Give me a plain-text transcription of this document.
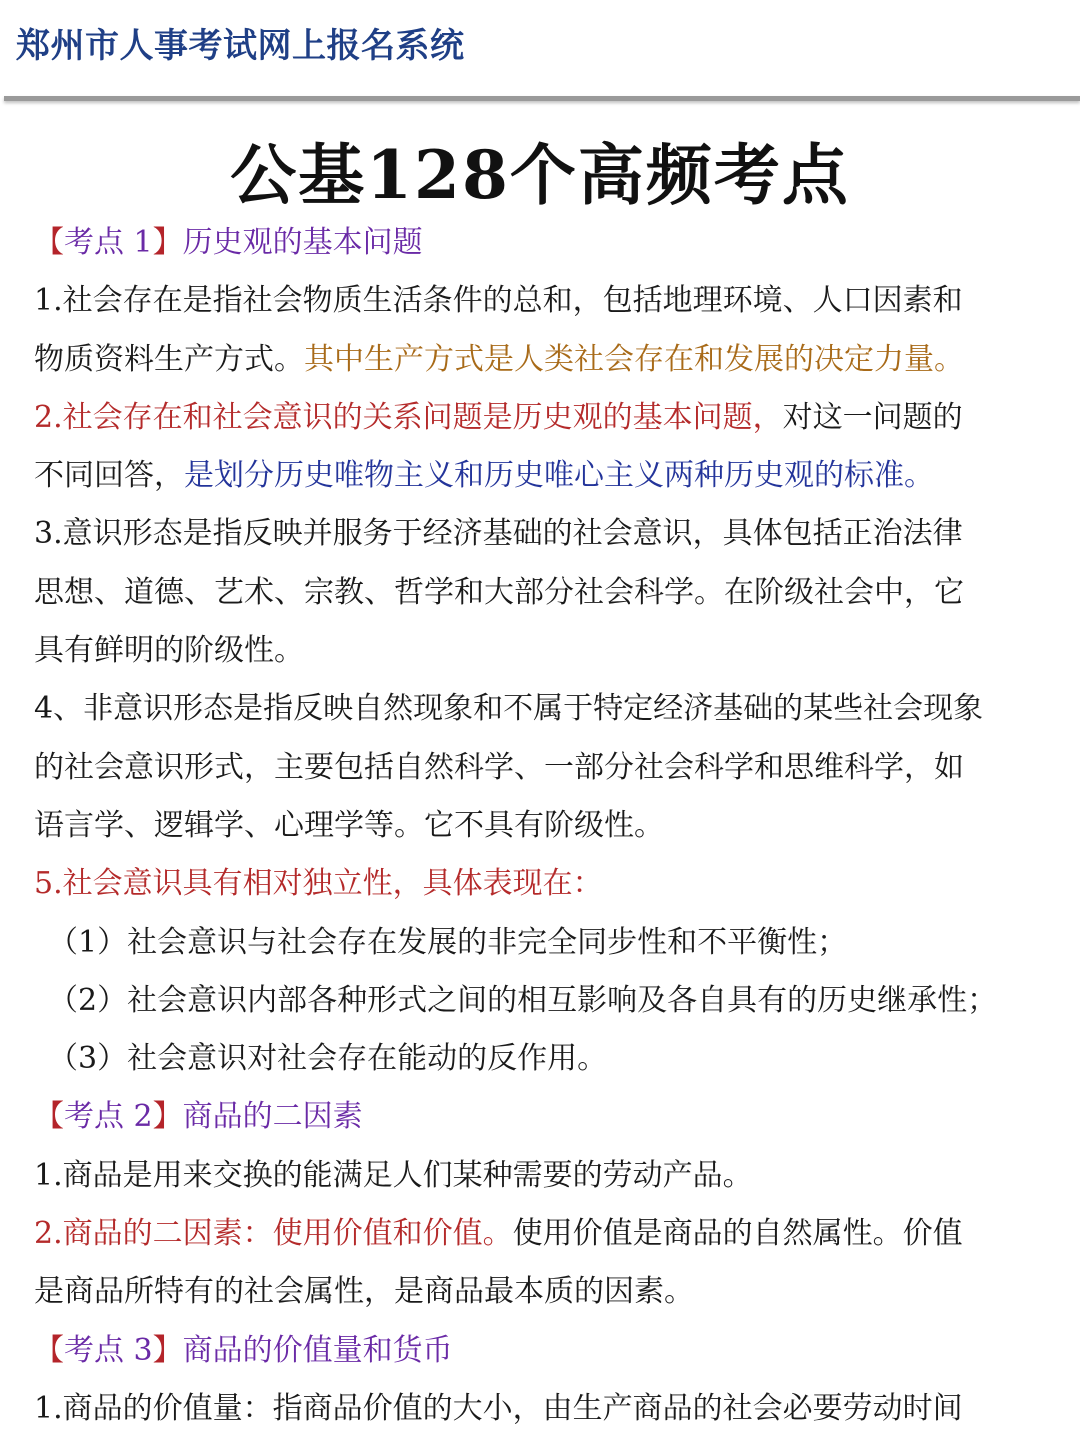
郑州市人事考试网上报名系统
公基128个高频考点
【考点 1】历史观的基本问题
1.社会存在是指社会物质生活条件的总和，包括地理环境、人口因素和
物质资料生产方式。其中生产方式是人类社会存在和发展的决定力量。
2.社会存在和社会意识的关系问题是历史观的基本问题，对这一问题的
不同回答，是划分历史唯物主义和历史唯心主义两种历史观的标准。
3.意识形态是指反映并服务于经济基础的社会意识，具体包括正治法律
思想、道德、艺术、宗教、哲学和大部分社会科学。在阶级社会中，它
具有鲜明的阶级性。
4、非意识形态是指反映自然现象和不属于特定经济基础的某些社会现象
的社会意识形式，主要包括自然科学、一部分社会科学和思维科学，如
语言学、逻辑学、心理学等。它不具有阶级性。
5.社会意识具有相对独立性，具体表现在：
（1）社会意识与社会存在发展的非完全同步性和不平衡性；
（2）社会意识内部各种形式之间的相互影响及各自具有的历史继承性；
（3）社会意识对社会存在能动的反作用。
【考点 2】商品的二因素
1.商品是用来交换的能满足人们某种需要的劳动产品。
2.商品的二因素：使用价值和价值。使用价值是商品的自然属性。价值
是商品所特有的社会属性，是商品最本质的因素。
【考点 3】商品的价值量和货币
1.商品的价值量：指商品价值的大小，由生产商品的社会必要劳动时间
